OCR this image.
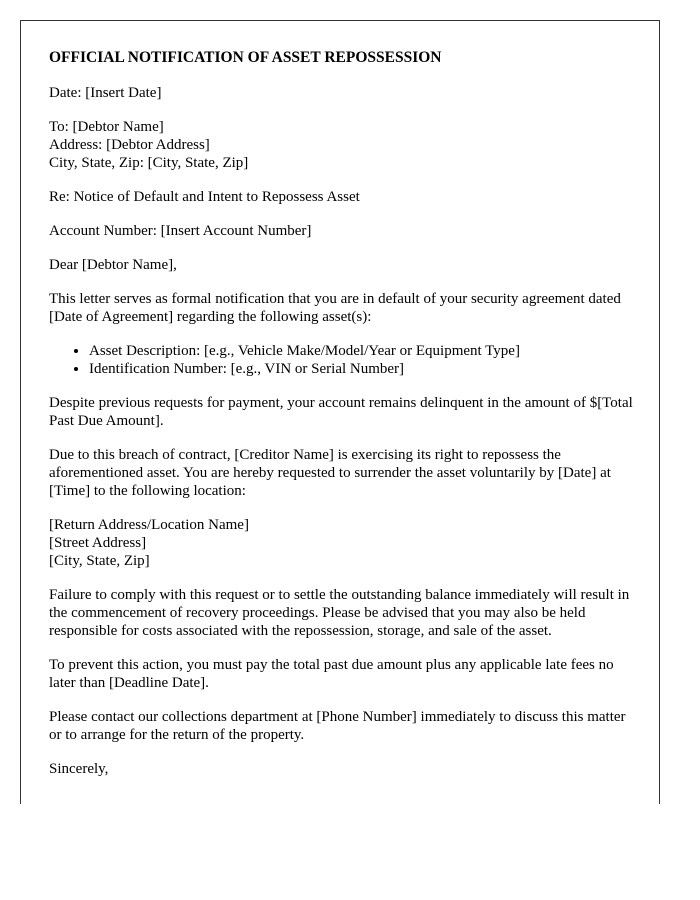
OFFICIAL NOTIFICATION OF ASSET REPOSSESSION

Date: [Insert Date]

To: [Debtor Name]
Address: [Debtor Address]
City, State, Zip: [City, State, Zip]

Re: Notice of Default and Intent to Repossess Asset

Account Number: [Insert Account Number]

Dear [Debtor Name],

This letter serves as formal notification that you are in default of your security agreement dated [Date of Agreement] regarding the following asset(s):

• Asset Description: [e.g., Vehicle Make/Model/Year or Equipment Type]
• Identification Number: [e.g., VIN or Serial Number]

Despite previous requests for payment, your account remains delinquent in the amount of $[Total Past Due Amount].

Due to this breach of contract, [Creditor Name] is exercising its right to repossess the aforementioned asset. You are hereby requested to surrender the asset voluntarily by [Date] at [Time] to the following location:

[Return Address/Location Name]
[Street Address]
[City, State, Zip]

Failure to comply with this request or to settle the outstanding balance immediately will result in the commencement of recovery proceedings. Please be advised that you may also be held responsible for costs associated with the repossession, storage, and sale of the asset.

To prevent this action, you must pay the total past due amount plus any applicable late fees no later than [Deadline Date].

Please contact our collections department at [Phone Number] immediately to discuss this matter or to arrange for the return of the property.

Sincerely,
